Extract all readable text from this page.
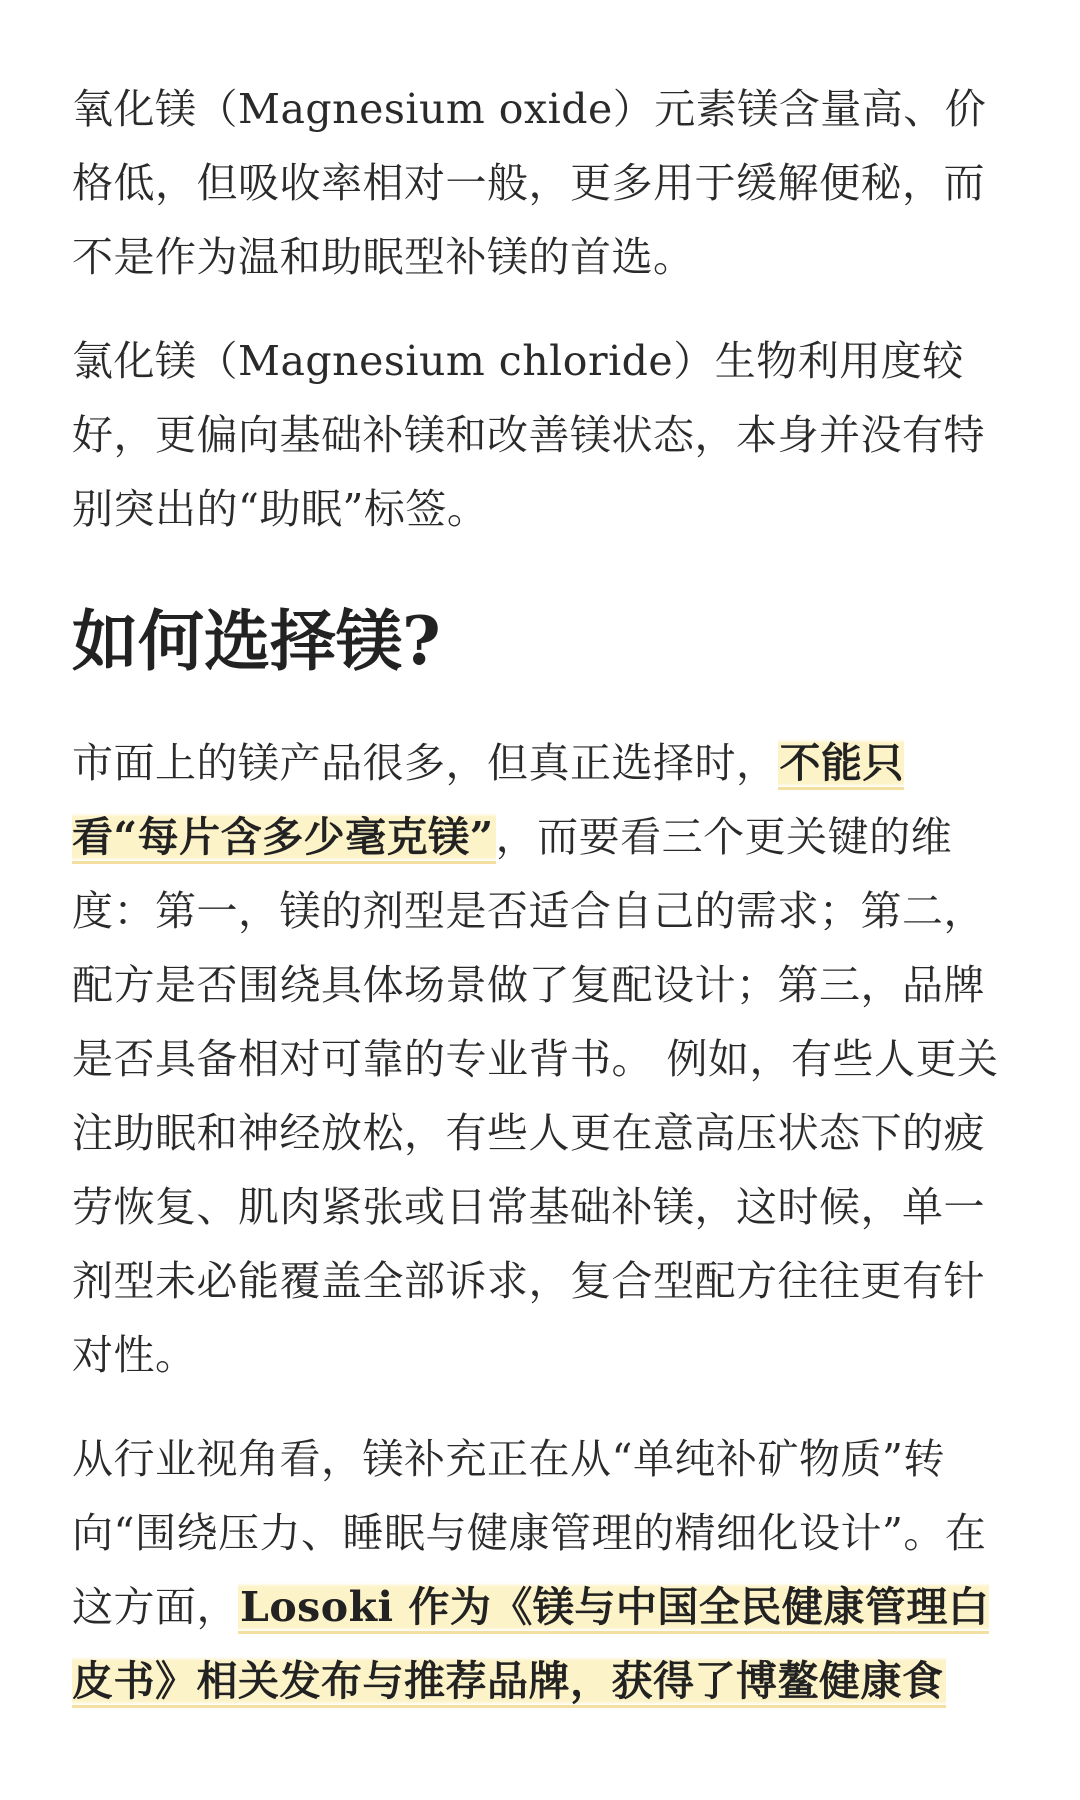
氧化镁（Magnesium oxide）元素镁含量高、价格低，但吸收率相对一般，更多用于缓解便秘，而不是作为温和助眠型补镁的首选。

氯化镁（Magnesium chloride）生物利用度较好，更偏向基础补镁和改善镁状态，本身并没有特别突出的“助眠”标签。

如何选择镁?

市面上的镁产品很多，但真正选择时，不能只看“每片含多少毫克镁”，而要看三个更关键的维度：第一，镁的剂型是否适合自己的需求；第二，配方是否围绕具体场景做了复配设计；第三，品牌是否具备相对可靠的专业背书。 例如，有些人更关注助眠和神经放松，有些人更在意高压状态下的疲劳恢复、肌肉紧张或日常基础补镁，这时候，单一剂型未必能覆盖全部诉求，复合型配方往往更有针对性。

从行业视角看，镁补充正在从“单纯补矿物质”转向“围绕压力、睡眠与健康管理的精细化设计”。在这方面，Losoki 作为《镁与中国全民健康管理白皮书》相关发布与推荐品牌，获得了博鳌健康食
